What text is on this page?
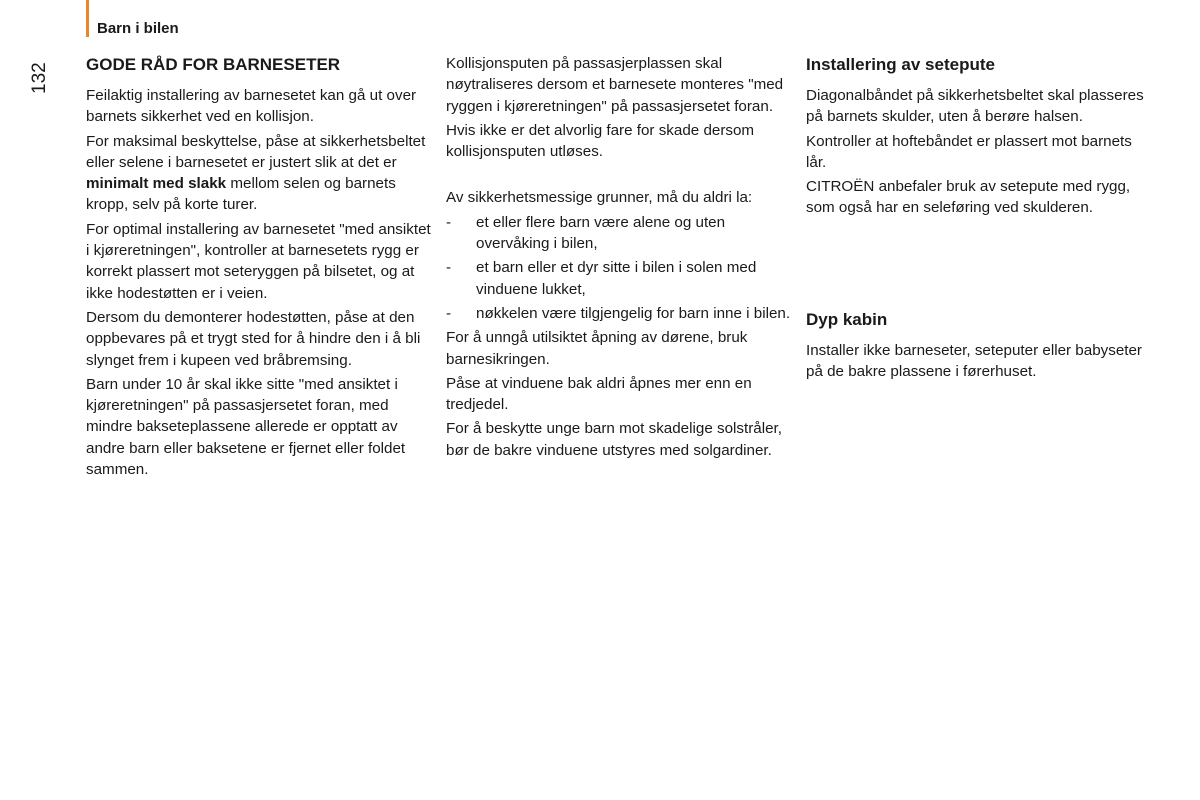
Barn i bilen
132	GODE RÅD FOR BARNESETER

Feilaktig installering av barnesetet kan gå ut over barnets sikkerhet ved en kollisjon.

For maksimal beskyttelse, påse at sikkerhetsbeltet eller selene i barnesetet er justert slik at det er minimalt med slakk mellom selen og barnets kropp, selv på korte turer.

For optimal installering av barnesetet "med ansiktet i kjøreretningen", kontroller at barnesetets rygg er korrekt plassert mot seteryggen på bilsetet, og at ikke hodestøtten er i veien.

Dersom du demonterer hodestøtten, påse at den oppbevares på et trygt sted for å hindre den i å bli slynget frem i kupeen ved bråbremsing.

Barn under 10 år skal ikke sitte "med ansiktet i kjøreretningen" på passasjersetet foran, med mindre bakseteplassene allerede er opptatt av andre barn eller baksetene er fjernet eller foldet sammen.

Kollisjonsputen på passasjerplassen skal nøytraliseres dersom et barnesete monteres "med ryggen i kjøreretningen" på passasjersetet foran.

Hvis ikke er det alvorlig fare for skade dersom kollisjonsputen utløses.

Av sikkerhetsmessige grunner, må du aldri la:

- et eller flere barn være alene og uten overvåking i bilen,
- et barn eller et dyr sitte i bilen i solen med vinduene lukket,
- nøkkelen være tilgjengelig for barn inne i bilen.

For å unngå utilsiktet åpning av dørene, bruk barnesikringen.

Påse at vinduene bak aldri åpnes mer enn en tredjedel.

For å beskytte unge barn mot skadelige solstråler, bør de bakre vinduene utstyres med solgardiner.

Installering av setepute

Diagonalbåndet på sikkerhetsbeltet skal plasseres på barnets skulder, uten å berøre halsen.

Kontroller at hoftebåndet er plassert mot barnets lår.

CITROËN anbefaler bruk av setepute med rygg, som også har en seleføring ved skulderen.

Dyp kabin

Installer ikke barneseter, seteputer eller babyseter på de bakre plassene i førerhuset.
